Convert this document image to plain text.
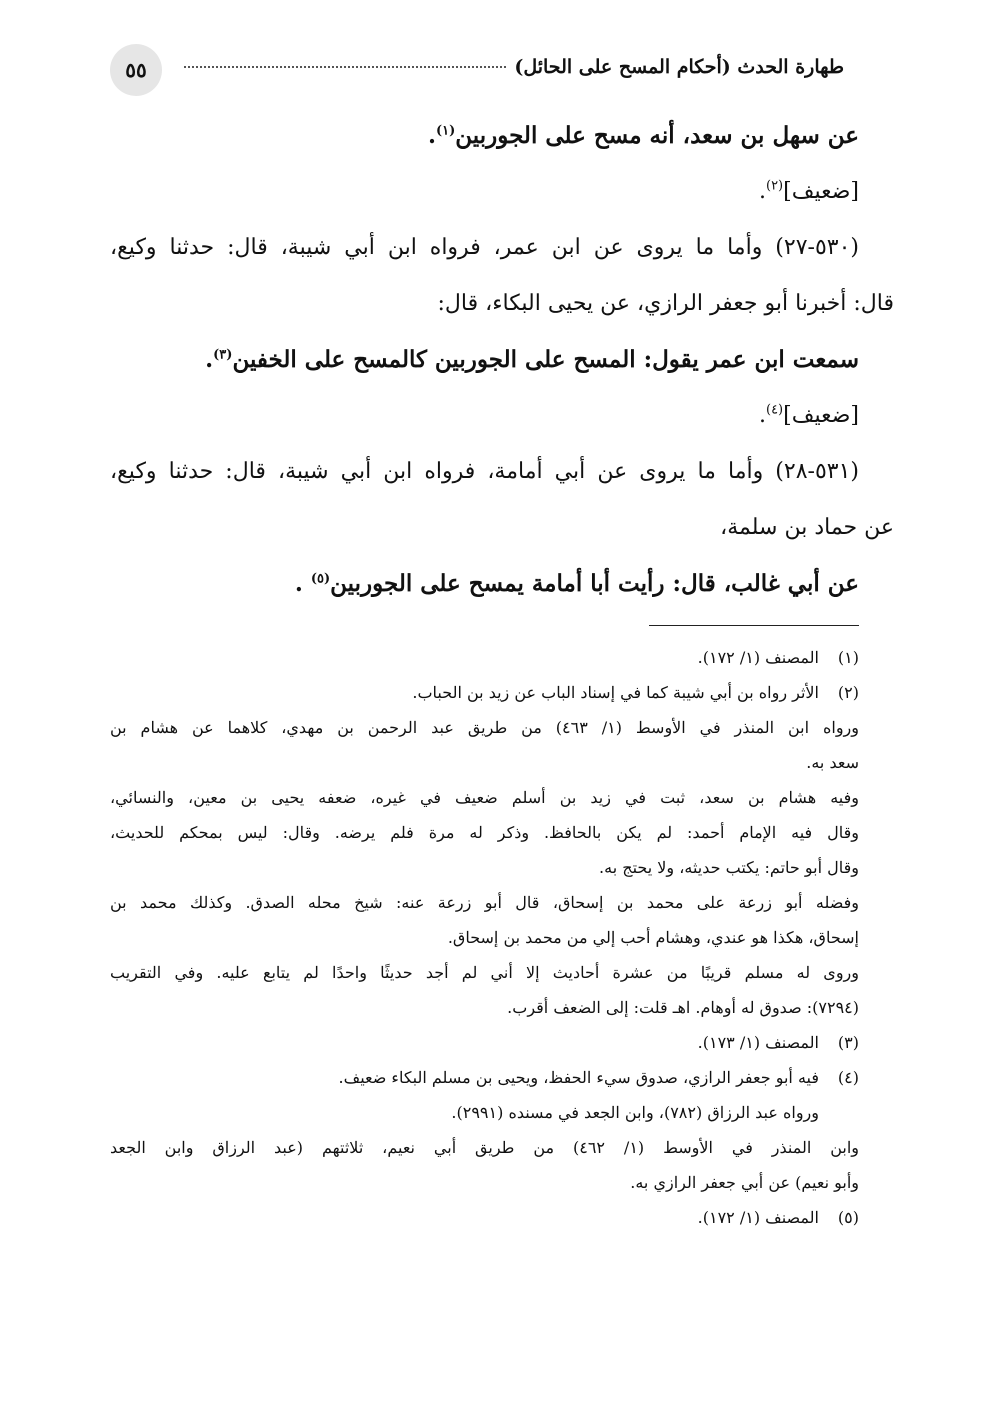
٥٥	طهارة الحدث (أحكام المسح على الحائل)
عن سهل بن سعد، أنه مسح على الجوربين$^{(١)}$.
[ضعيف]$^{(٢)}$.
(٥٣٠-٢٧) وأما ما يروى عن ابن عمر، فرواه ابن أبي شيبة، قال: حدثنا وكيع،
قال: أخبرنا أبو جعفر الرازي، عن يحيى البكاء، قال:
سمعت ابن عمر يقول: المسح على الجوربين كالمسح على الخفين$^{(٣)}$.
[ضعيف]$^{(٤)}$.
(٥٣١-٢٨) وأما ما يروى عن أبي أمامة، فرواه ابن أبي شيبة، قال: حدثنا وكيع،
عن حماد بن سلمة،
عن أبي غالب، قال: رأيت أبا أمامة يمسح على الجوربين$^{(٥)}$ .
(١)المصنف (١/ ١٧٢).
(٢)الأثر رواه بن أبي شيبة كما في إسناد الباب عن زيد بن الحباب.
ورواه ابن المنذر في الأوسط (١/ ٤٦٣) من طريق عبد الرحمن بن مهدي، كلاهما عن هشام بن
سعد به.
وفيه هشام بن سعد، ثبت في زيد بن أسلم ضعيف في غيره، ضعفه يحيى بن معين، والنسائي،
وقال فيه الإمام أحمد: لم يكن بالحافظ. وذكر له مرة فلم يرضه. وقال: ليس بمحكم للحديث،
وقال أبو حاتم: يكتب حديثه، ولا يحتج به.
وفضله أبو زرعة على محمد بن إسحاق، قال أبو زرعة عنه: شيخ محله الصدق. وكذلك محمد بن
إسحاق، هكذا هو عندي، وهشام أحب إلي من محمد بن إسحاق.
وروى له مسلم قريبًا من عشرة أحاديث إلا أني لم أجد حديثًا واحدًا لم يتابع عليه. وفي التقريب
(٧٢٩٤): صدوق له أوهام. اهـ قلت: إلى الضعف أقرب.
(٣)المصنف (١/ ١٧٣).
(٤)فيه أبو جعفر الرازي، صدوق سيء الحفظ، ويحيى بن مسلم البكاء ضعيف.
ورواه عبد الرزاق (٧٨٢)، وابن الجعد في مسنده (٢٩٩١).
وابن المنذر في الأوسط (١/ ٤٦٢) من طريق أبي نعيم، ثلاثتهم (عبد الرزاق وابن الجعد
وأبو نعيم) عن أبي جعفر الرازي به.
(٥)المصنف (١/ ١٧٢).
